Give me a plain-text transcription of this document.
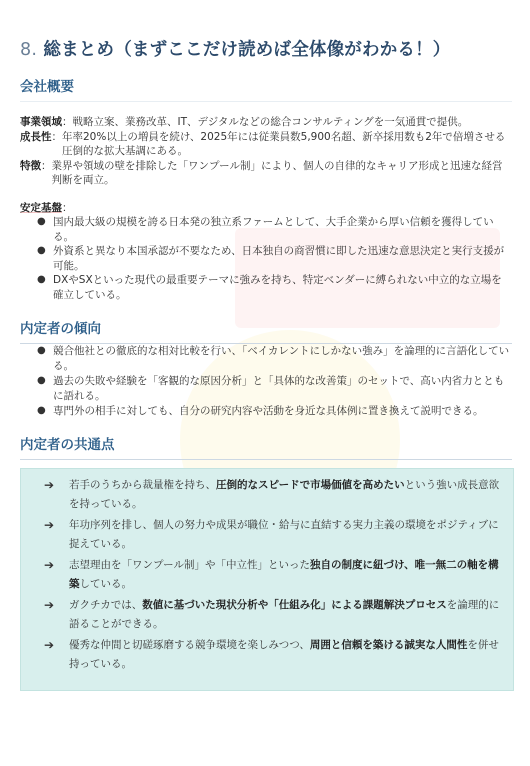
8. 総まとめ（まずここだけ読めば全体像がわかる！）
会社概要
事業領域 ： 戦略立案、業務改革、IT、デジタルなどの総合コンサルティングを一気通貫で提供。
成長性 ： 年率20%以上の増員を続け、2025年には従業員数5,900名超、新卒採用数も2年で倍増させる圧倒的な拡大基調にある。
特徴 ： 業界や領域の壁を排除した「ワンプール制」により、個人の自律的なキャリア形成と迅速な経営判断を両立。

安定基盤：

● 国内最大級の規模を誇る日本発の独立系ファームとして、大手企業から厚い信頼を獲得している。
● 外資系と異なり本国承認が不要なため、日本独自の商習慣に即した迅速な意思決定と実行支援が可能。
● DXやSXといった現代の最重要テーマに強みを持ち、特定ベンダーに縛られない中立的な立場を確立している。
内定者の傾向
● 競合他社との徹底的な相対比較を行い、「ベイカレントにしかない強み」を論理的に言語化している。
● 過去の失敗や経験を「客観的な原因分析」と「具体的な改善策」のセットで、高い内省力とともに語れる。
● 専門外の相手に対しても、自分の研究内容や活動を身近な具体例に置き換えて説明できる。
内定者の共通点
➔ 若手のうちから裁量権を持ち、圧倒的なスピードで市場価値を高めたいという強い成長意欲を持っている。
➔ 年功序列を排し、個人の努力や成果が職位・給与に直結する実力主義の環境をポジティブに捉えている。
➔ 志望理由を「ワンプール制」や「中立性」といった独自の制度に紐づけ、唯一無二の軸を構築している。
➔ ガクチカでは、数値に基づいた現状分析や「仕組み化」による課題解決プロセスを論理的に語ることができる。
➔ 優秀な仲間と切磋琢磨する競争環境を楽しみつつ、周囲と信頼を築ける誠実な人間性を併せ持っている。
